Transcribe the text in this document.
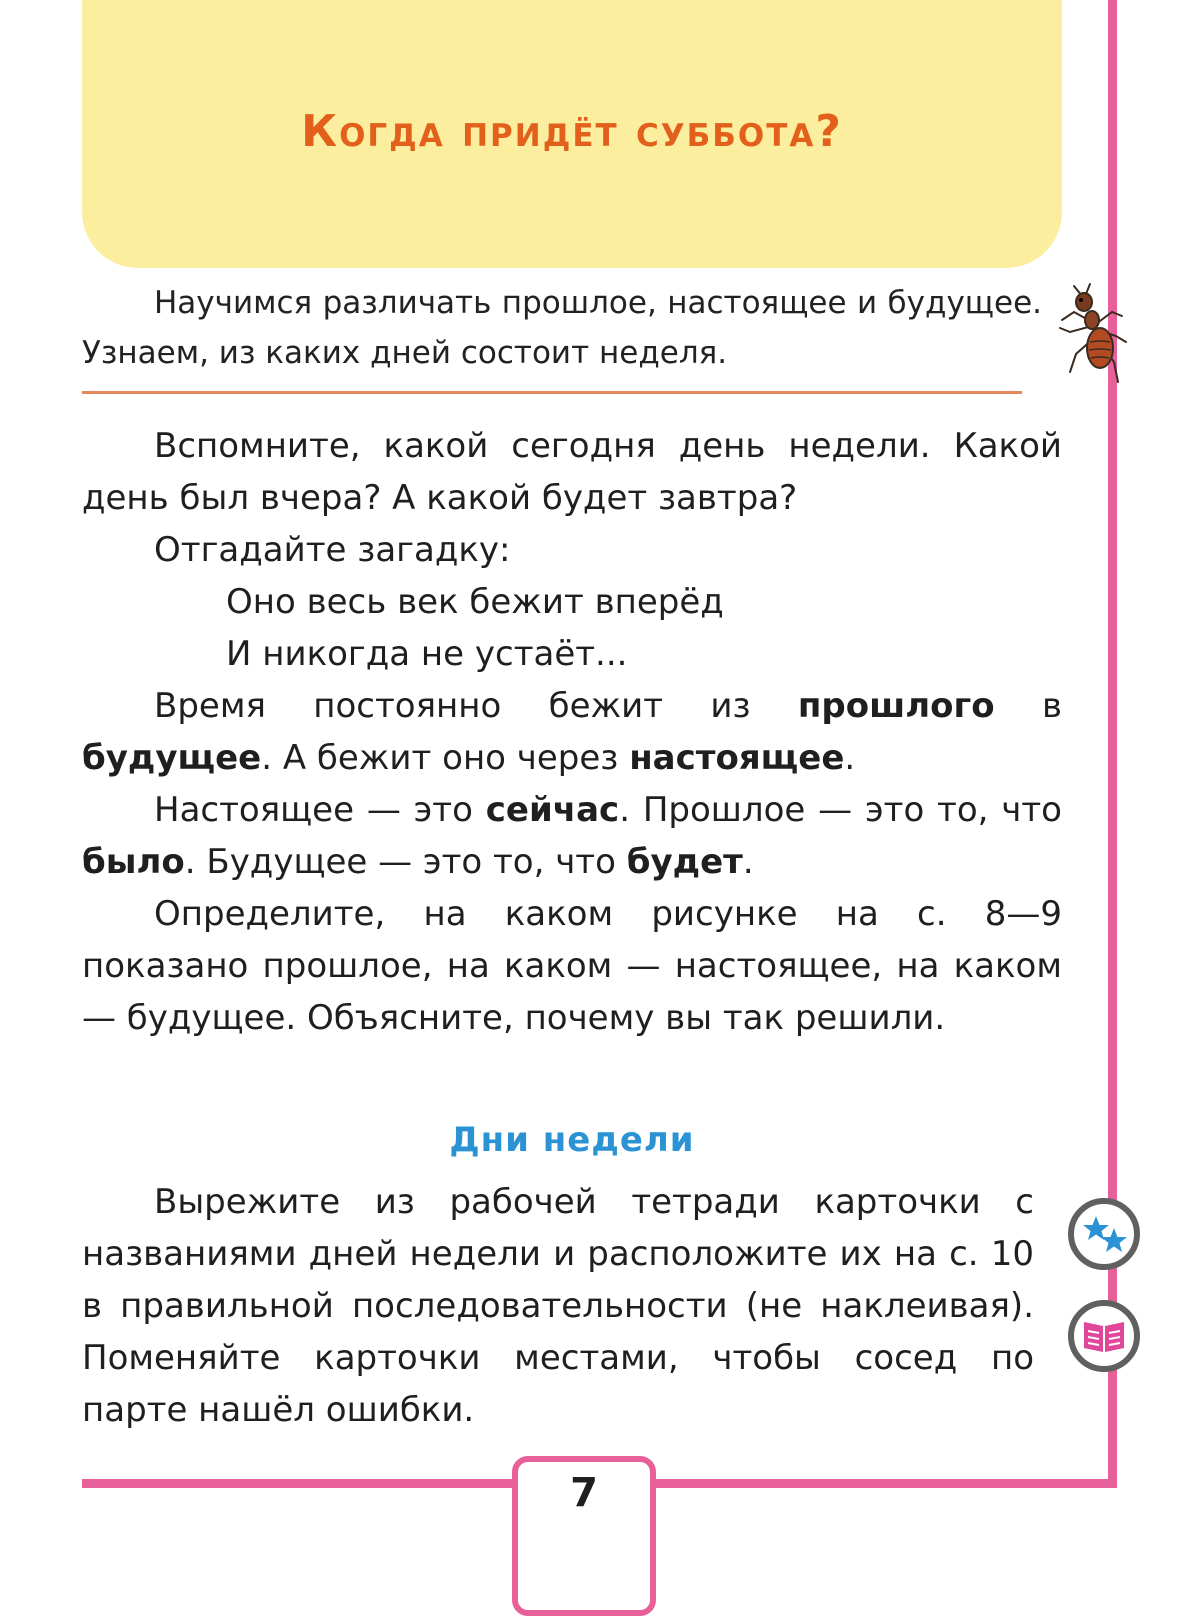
Когда придёт суббота?

Научимся различать прошлое, настоящее и будущее. Узнаем, из каких дней состоит неделя.

Вспомните, какой сегодня день недели. Какой день был вчера? А какой будет завтра?

Отгадайте загадку:

Оно весь век бежит вперёд

И никогда не устаёт...

Время постоянно бежит из прошлого в будущее. А бежит оно через настоящее.

Настоящее — это сейчас. Прошлое — это то, что было. Будущее — это то, что будет.

Определите, на каком рисунке на с. 8—9 показано прошлое, на каком — настоящее, на каком — будущее. Объясните, почему вы так решили.

Дни недели

Вырежите из рабочей тетради карточки с названиями дней недели и расположите их на с. 10 в правильной последовательности (не наклеивая). Поменяйте карточки местами, чтобы сосед по парте нашёл ошибки.

7
